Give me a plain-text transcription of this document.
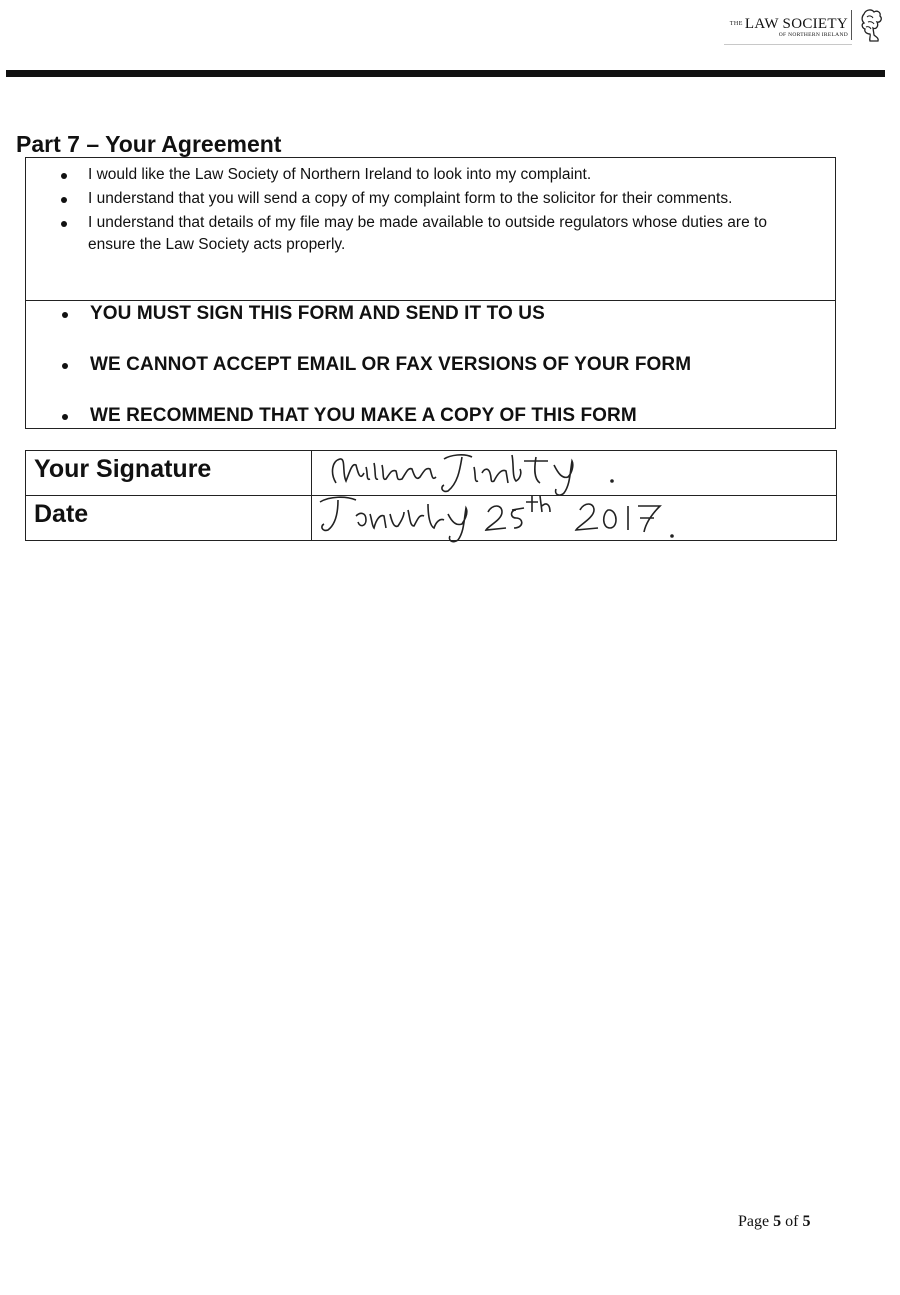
THE LAW SOCIETY
OF NORTHERN IRELAND
Part 7 – Your Agreement
I would like the Law Society of Northern Ireland to look into my complaint.
I understand that you will send a copy of my complaint form to the solicitor for their comments.
I understand that details of my file may be made available to outside regulators whose duties are to ensure the Law Society acts properly.
YOU MUST SIGN THIS FORM AND SEND IT TO US
WE CANNOT ACCEPT EMAIL OR FAX VERSIONS OF YOUR FORM
WE RECOMMEND THAT YOU MAKE A COPY OF THIS FORM
Your Signature
Date
Page 5 of 5
